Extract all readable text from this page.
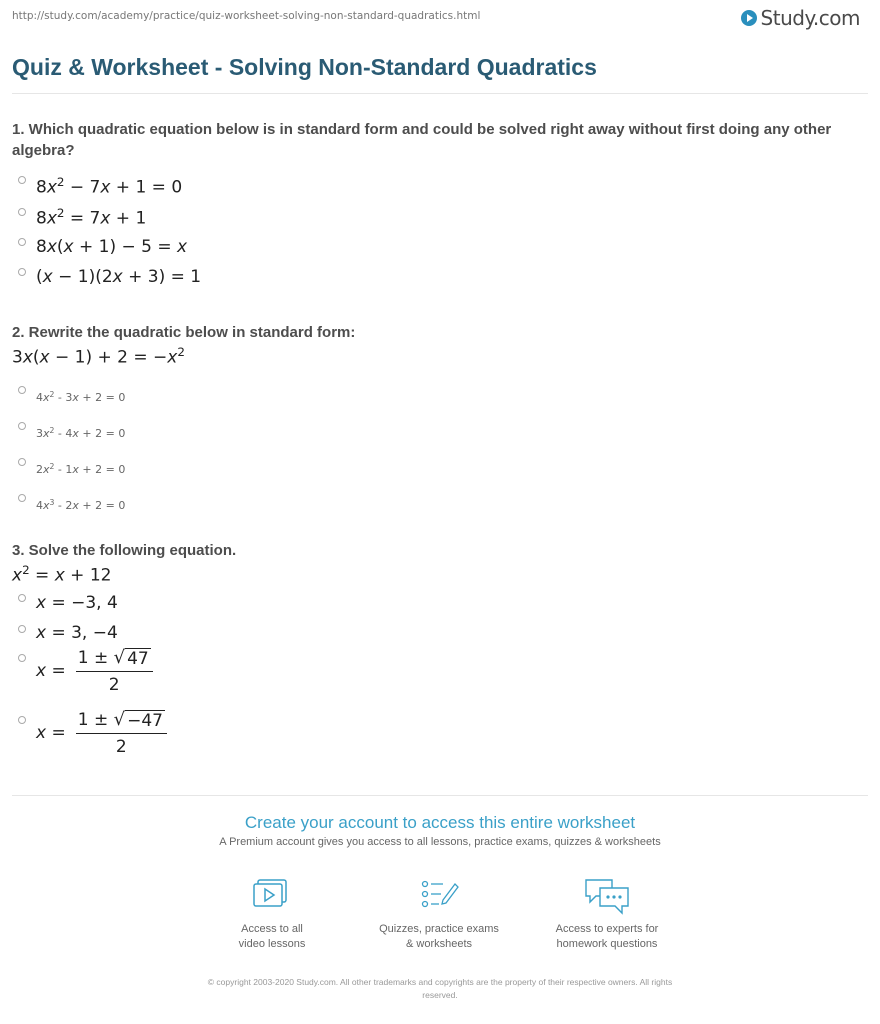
http://study.com/academy/practice/quiz-worksheet-solving-non-standard-quadratics.html	Study.com
Quiz & Worksheet - Solving Non-Standard Quadratics
1. Which quadratic equation below is in standard form and could be solved right away without first doing any other algebra?
$8x^2 - 7x + 1 = 0$
$8x^2 = 7x + 1$
8x(x + 1) − 5 = x
(x − 1)(2x + 3) = 1
2. Rewrite the quadratic below in standard form:
$3x(x - 1) + 2 = -x^2$
$4x^2 - 3x + 2 = 0$
$3x^2 - 4x + 2 = 0$
$2x^2 - 1x + 2 = 0$
$4x^3 - 2x + 2 = 0$
3. Solve the following equation.
$x^2 = x + 12$
x = −3, 4
x = 3, −4
$x = \frac{1 \pm √ 47}{2}$
$x = \frac{1 \pm √ -47}{2}$
Create your account to access this entire worksheet
A Premium account gives you access to all lessons, practice exams, quizzes & worksheets
Access to all
video lessons
Quizzes, practice exams
& worksheets
Access to experts for
homework questions
© copyright 2003-2020 Study.com. All other trademarks and copyrights are the property of their respective owners. All rights
reserved.
